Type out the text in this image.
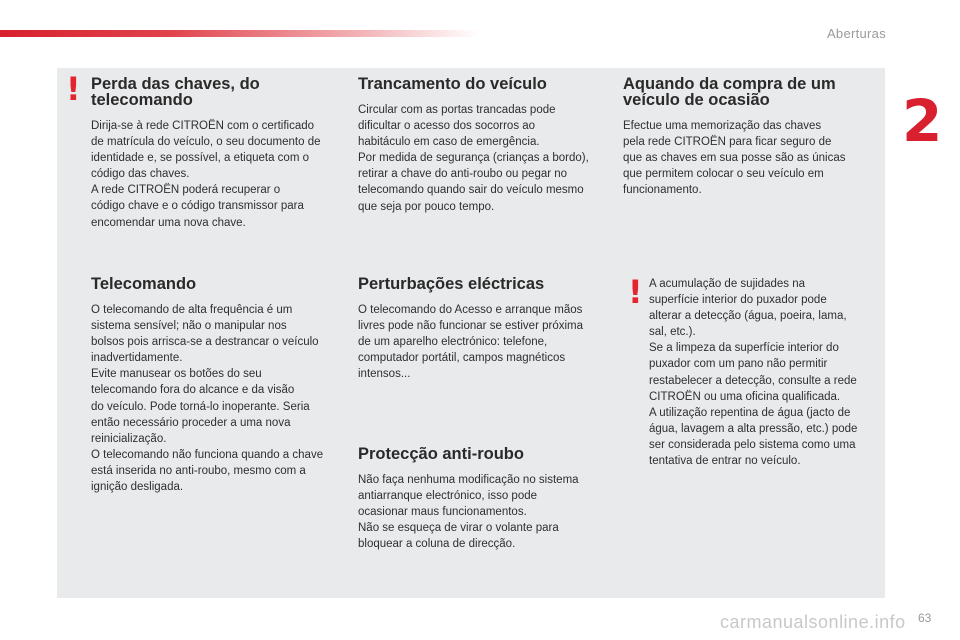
Aberturas
2
! Perda das chaves, do
telecomando

Dirija-se à rede CITROËN com o certificado
de matrícula do veículo, o seu documento de
identidade e, se possível, a etiqueta com o
código das chaves.
A rede CITROËN poderá recuperar o
código chave e o código transmissor para
encomendar uma nova chave.

Telecomando

O telecomando de alta frequência é um
sistema sensível; não o manipular nos
bolsos pois arrisca-se a destrancar o veículo
inadvertidamente.
Evite manusear os botões do seu
telecomando fora do alcance e da visão
do veículo. Pode torná-lo inoperante. Seria
então necessário proceder a uma nova
reinicialização.
O telecomando não funciona quando a chave
está inserida no anti-roubo, mesmo com a
ignição desligada.

Trancamento do veículo

Circular com as portas trancadas pode
dificultar o acesso dos socorros ao
habitáculo em caso de emergência.
Por medida de segurança (crianças a bordo),
retirar a chave do anti-roubo ou pegar no
telecomando quando sair do veículo mesmo
que seja por pouco tempo.

Perturbações eléctricas

O telecomando do Acesso e arranque mãos
livres pode não funcionar se estiver próxima
de um aparelho electrónico: telefone,
computador portátil, campos magnéticos
intensos...

Protecção anti-roubo

Não faça nenhuma modificação no sistema
antiarranque electrónico, isso pode
ocasionar maus funcionamentos.
Não se esqueça de virar o volante para
bloquear a coluna de direcção.

Aquando da compra de um
veículo de ocasião

Efectue uma memorização das chaves
pela rede CITROËN para ficar seguro de
que as chaves em sua posse são as únicas
que permitem colocar o seu veículo em
funcionamento.

! A acumulação de sujidades na
superfície interior do puxador pode
alterar a detecção (água, poeira, lama,
sal, etc.).
Se a limpeza da superfície interior do
puxador com um pano não permitir
restabelecer a detecção, consulte a rede
CITROËN ou uma oficina qualificada.
A utilização repentina de água (jacto de
água, lavagem a alta pressão, etc.) pode
ser considerada pelo sistema como uma
tentativa de entrar no veículo.

carmanualsonline.info 63
